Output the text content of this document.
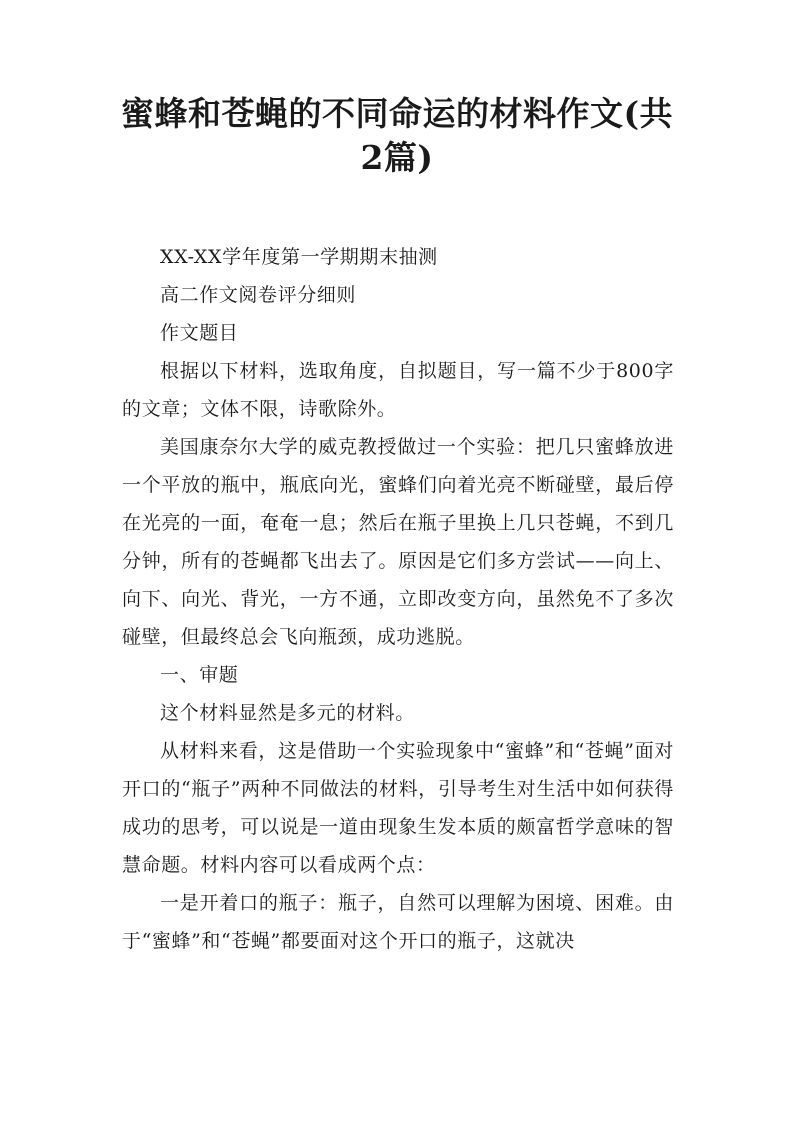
蜜蜂和苍蝇的不同命运的材料作文(共2篇)

XX-XX学年度第一学期期末抽测

高二作文阅卷评分细则

作文题目

根据以下材料，选取角度，自拟题目，写一篇不少于800字的文章；文体不限，诗歌除外。

美国康奈尔大学的威克教授做过一个实验：把几只蜜蜂放进一个平放的瓶中，瓶底向光，蜜蜂们向着光亮不断碰壁，最后停在光亮的一面，奄奄一息；然后在瓶子里换上几只苍蝇，不到几分钟，所有的苍蝇都飞出去了。原因是它们多方尝试——向上、向下、向光、背光，一方不通，立即改变方向，虽然免不了多次碰壁，但最终总会飞向瓶颈，成功逃脱。

一、审题

这个材料显然是多元的材料。

从材料来看，这是借助一个实验现象中“蜜蜂”和“苍蝇”面对开口的“瓶子”两种不同做法的材料，引导考生对生活中如何获得成功的思考，可以说是一道由现象生发本质的颇富哲学意味的智慧命题。材料内容可以看成两个点：

一是开着口的瓶子：瓶子，自然可以理解为困境、困难。由于“蜜蜂”和“苍蝇”都要面对这个开口的瓶子，这就决
